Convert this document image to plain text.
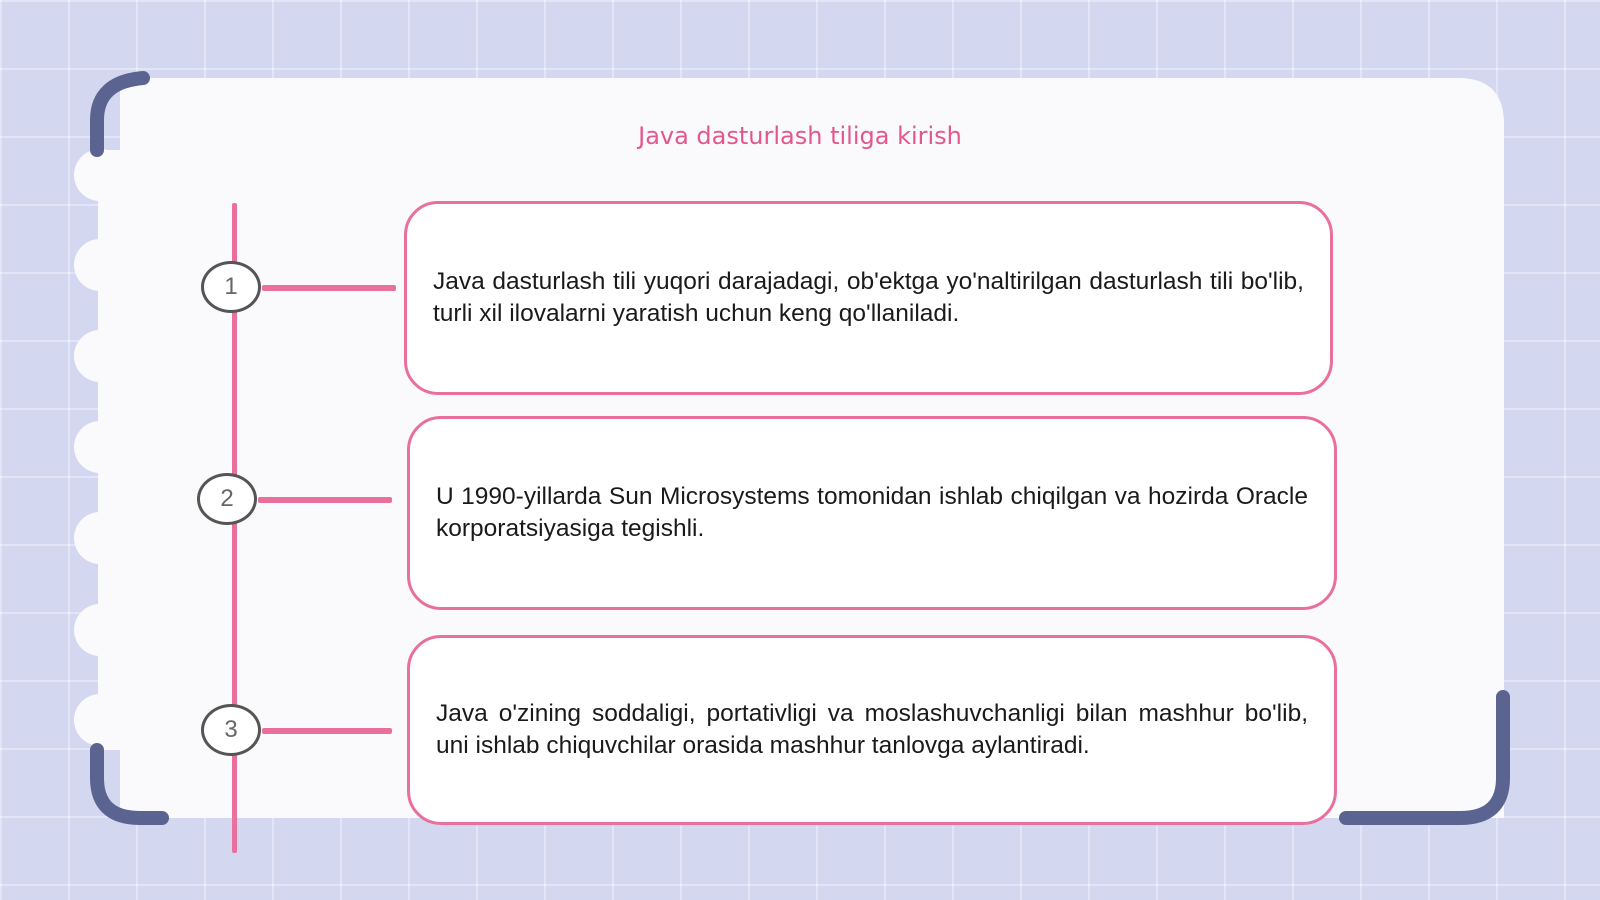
Java dasturlash tiliga kirish
1	Java dasturlash tili yuqori darajadagi, ob'ektga yo'naltirilgan dasturlash tili bo'lib, turli xil ilovalarni yaratish uchun keng qo'llaniladi.

2	U 1990-yillarda Sun Microsystems tomonidan ishlab chiqilgan va hozirda Oracle korporatsiyasiga tegishli.

3

Java o'zining soddaligi, portativligi va moslashuvchanligi bilan mashhur bo'lib, uni ishlab chiquvchilar orasida mashhur tanlovga aylantiradi.
